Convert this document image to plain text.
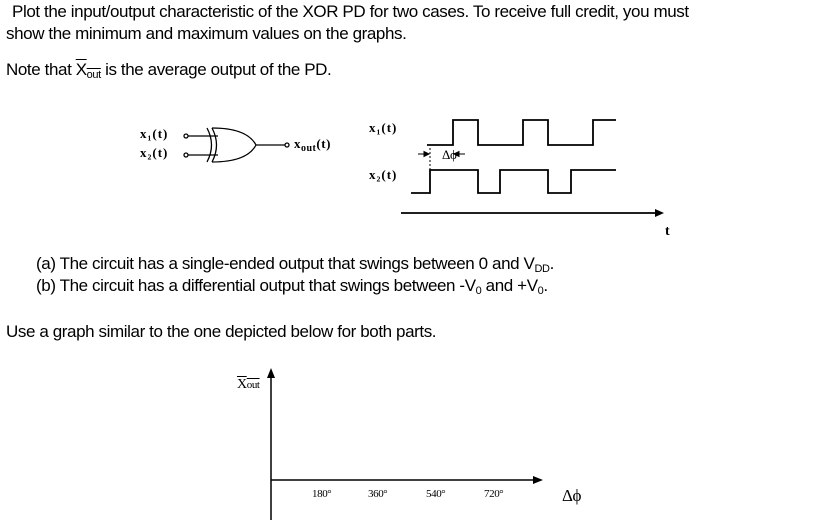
Plot the input/output characteristic of the XOR PD for two cases. To receive full credit, you must
show the minimum and maximum values on the graphs.
Note that Xout is the average output of the PD.
x₁(t)
x₂(t)
$x_{out}(t)$
x₁(t)
x₂(t)
Δϕ
t
(a) The circuit has a single-ended output that swings between 0 and VDD.
(b) The circuit has a differential output that swings between -V0 and +V0.
Use a graph similar to the one depicted below for both parts.
Xout
180°	360°	540°	720°	Δϕ
